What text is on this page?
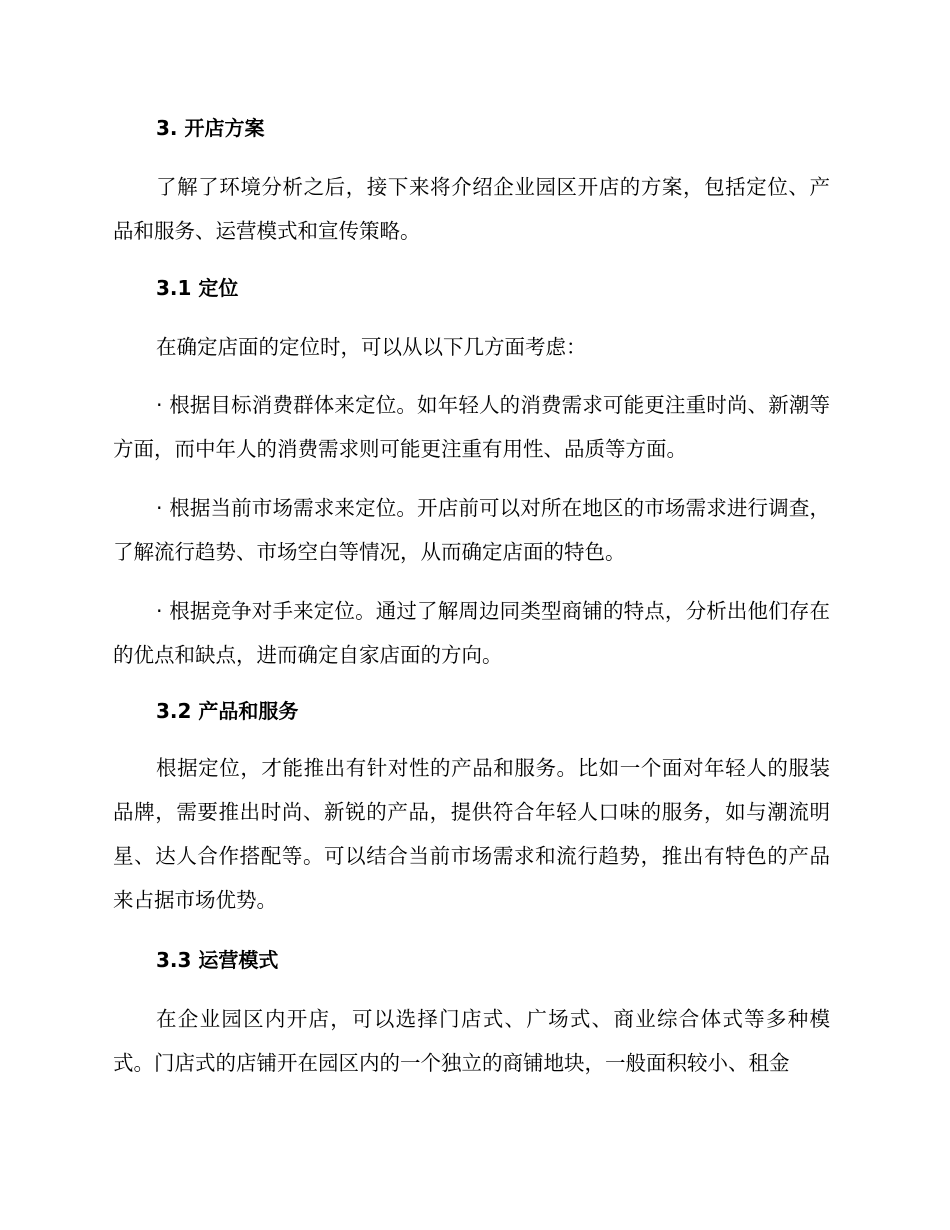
3. 开店方案

了解了环境分析之后，接下来将介绍企业园区开店的方案，包括定位、产品和服务、运营模式和宣传策略。

3.1 定位

在确定店面的定位时，可以从以下几方面考虑：

· 根据目标消费群体来定位。如年轻人的消费需求可能更注重时尚、新潮等方面，而中年人的消费需求则可能更注重有用性、品质等方面。

· 根据当前市场需求来定位。开店前可以对所在地区的市场需求进行调查，了解流行趋势、市场空白等情况，从而确定店面的特色。

· 根据竞争对手来定位。通过了解周边同类型商铺的特点，分析出他们存在的优点和缺点，进而确定自家店面的方向。

3.2 产品和服务

根据定位，才能推出有针对性的产品和服务。比如一个面对年轻人的服装品牌，需要推出时尚、新锐的产品，提供符合年轻人口味的服务，如与潮流明星、达人合作搭配等。可以结合当前市场需求和流行趋势，推出有特色的产品来占据市场优势。

3.3 运营模式

在企业园区内开店，可以选择门店式、广场式、商业综合体式等多种模式。门店式的店铺开在园区内的一个独立的商铺地块，一般面积较小、租金
